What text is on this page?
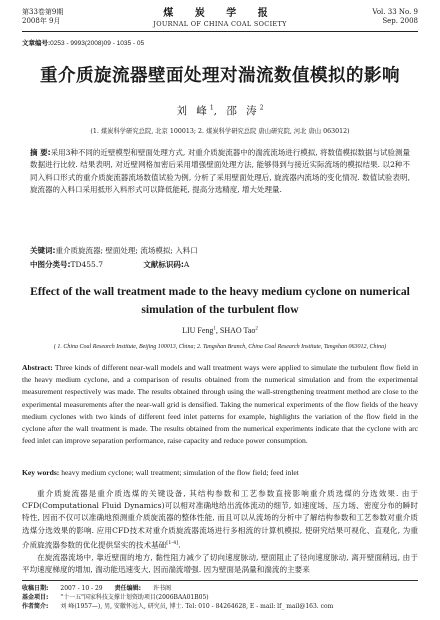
第33卷第9期
2008年 9月
煤 炭 学 报
JOURNAL OF CHINA COAL SOCIETY
Vol. 33 No. 9
Sep. 2008
文章编号:0253 - 9993(2008)09 - 1035 - 05
重介质旋流器壁面处理对湍流数值模拟的影响
刘 峰$^1$, 邵 涛$^2$
(1. 煤炭科学研究总院, 北京 100013; 2. 煤炭科学研究总院 唐山研究院, 河北 唐山 063012)
摘 要:采用3种不同的近壁模型和壁面处理方式, 对重介质旋流器中的湍流流场进行模拟, 将数值模拟数据与试验测量数据进行比较. 结果表明, 对近壁网格加密后采用增强壁面处理方法, 能够得到与接近实际流场的模拟结果. 以2种不同入料口形式的重介质旋流器流场数值试验为例, 分析了采用壁面处理后, 旋流器内流场的变化情况. 数值试验表明, 旋流器的入料口采用抵形入料形式可以降低能耗, 提高分选精度, 增大处理量.
关键词:重介质旋流器; 壁面处理; 流场模拟; 入料口
中图分类号:TD455.7	文献标识码:A
Effect of the wall treatment made to the heavy medium cyclone on numerical simulation of the turbulent flow
LIU Feng$^1$, SHAO Tao$^2$
( 1. China Coal Research Institute, Beijing 100013, China; 2. Tangshan Branch, China Coal Research Institute, Tangshan 063012, China)
Abstract: Three kinds of different near-wall models and wall treatment ways were applied to simulate the turbulent flow field in the heavy medium cyclone, and a comparison of results obtained from the numerical simulation and from the experimental measurement respectively was made. The results obtained through using the wall-strengthening treatment method are close to the experimental measurements after the near-wall grid is densified. Taking the numerical experiments of the flow fields of the heavy medium cyclones with two kinds of different feed inlet patterns for example, highlights the variation of the flow field in the cyclone after the wall treatment is made. The results obtained from the numerical experiments indicate that the cyclone with arc feed inlet can improve separation performance, raise capacity and reduce power consumption.
Key words: heavy medium cyclone; wall treatment; simulation of the flow field; feed inlet

重介质旋流器是重介质选煤的关键设备, 其结构参数和工艺参数直接影响重介质选煤的分选效果. 由于CFD(Computational Fluid Dynamics)可以相对准确地给出流体流动的细节, 如速度场、压力场、密度分布的瞬时特性, 因而不仅可以准确地预测重介质旋流器的整体性能, 而且可以从流场的分析中了解结构参数和工艺参数对重介质选煤分选效果的影响. 应用CFD技术对重介质旋流器流场进行多相流的计算机模拟, 使研究结果可视化、直观化, 为重介质旋流器参数的优化提供坚实的技术基础[1-4].

在旋流器流场中, 靠近壁面的地方, 黏性阻力减少了切向速度脉动, 壁面阻止了径向速度脉动, 离开壁面稍远, 由于平均速度梯度的增加, 湍动能迅速变大, 因而湍流增强. 因为壁面是涡量和湍流的主要来

收稿日期: 2007 - 10 - 29 责任编辑: 许书阁
基金项目: "十一五"国家科技支撑计划资助项目(2006BAA01B05)
作者简介: 刘 峰(1957—), 男, 安徽怀远人, 研究员, 博士. Tel: 010 - 84264628, E - mail: lf_ mail@163. com
